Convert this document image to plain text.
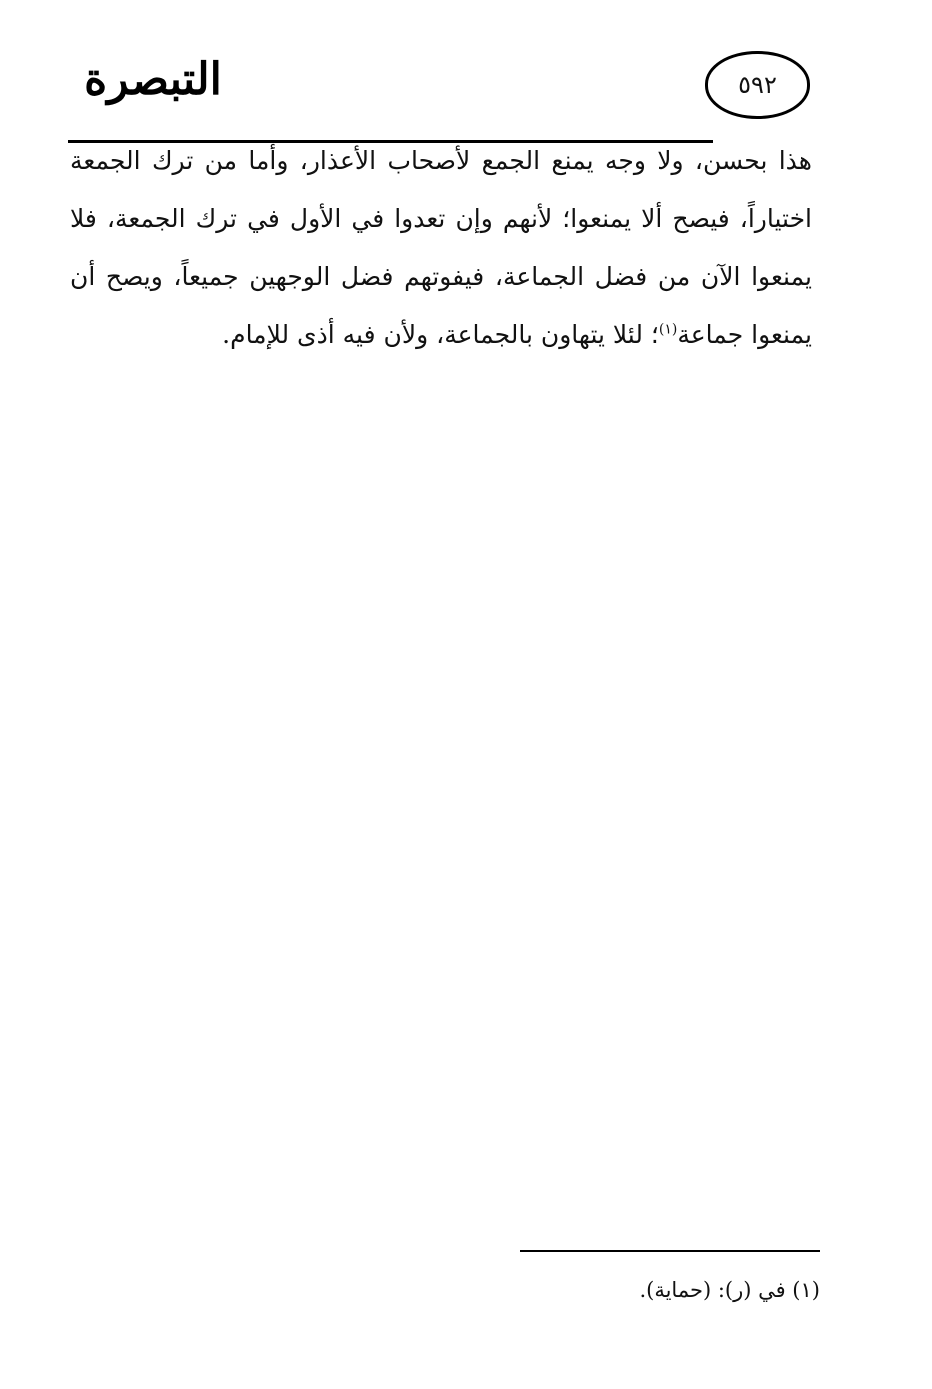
التبصرة	٥٩٢

هذا بحسن، ولا وجه يمنع الجمع لأصحاب الأعذار، وأما من ترك الجمعة اختياراً، فيصح ألا يمنعوا؛ لأنهم وإن تعدوا في الأول في ترك الجمعة، فلا يمنعوا الآن من فضل الجماعة، فيفوتهم فضل الوجهين جميعاً، ويصح أن يمنعوا جماعة$^{(١)}$؛ لئلا يتهاون بالجماعة، ولأن فيه أذى للإمام.

(١) في (ر): (حماية).
